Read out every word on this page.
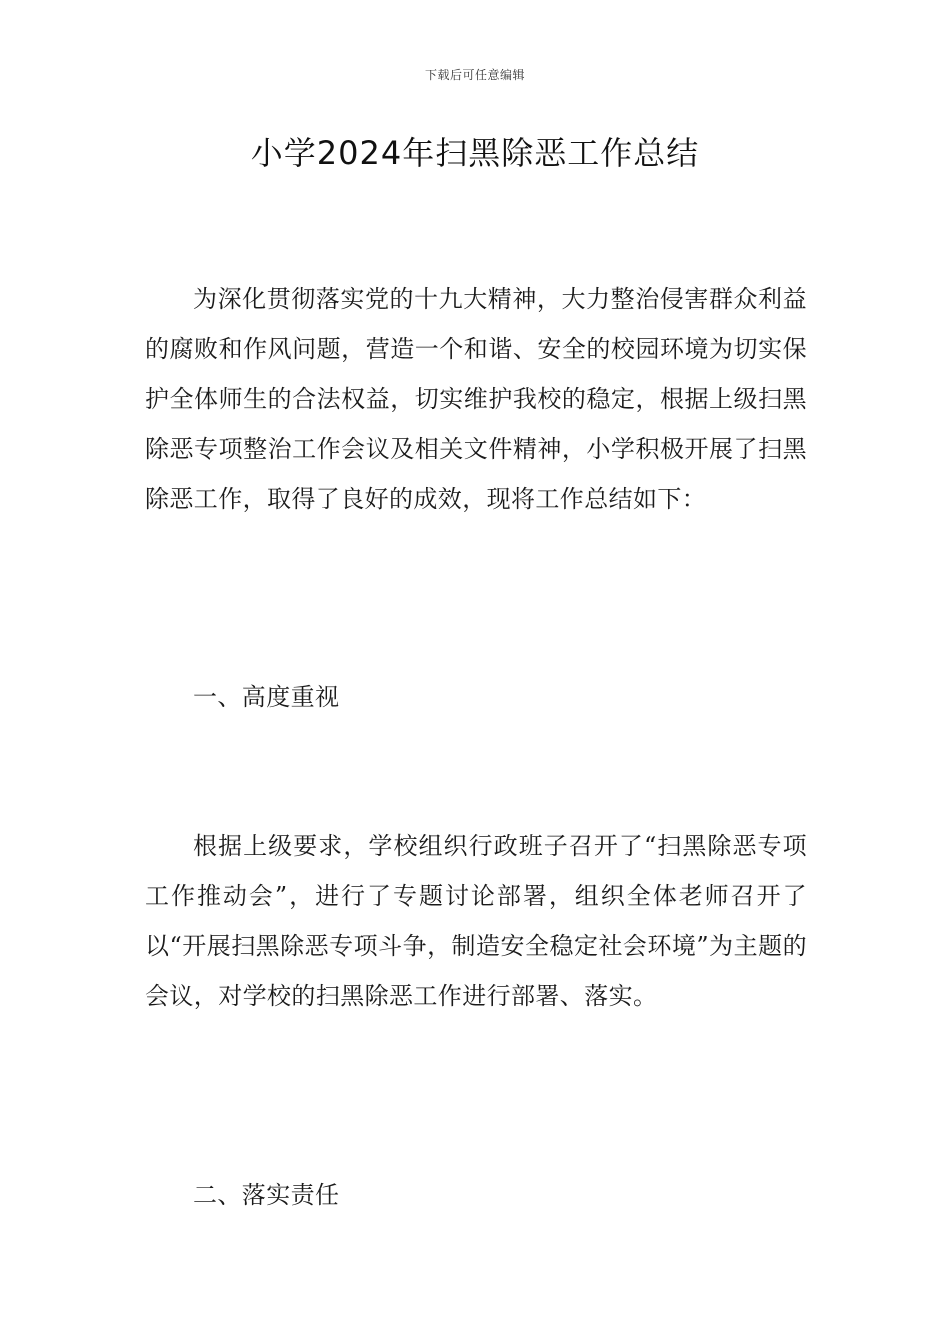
下载后可任意编辑
小学2024年扫黑除恶工作总结

为深化贯彻落实党的十九大精神，大力整治侵害群众利益的腐败和作风问题，营造一个和谐、安全的校园环境为切实保护全体师生的合法权益，切实维护我校的稳定，根据上级扫黑除恶专项整治工作会议及相关文件精神，小学积极开展了扫黑除恶工作，取得了良好的成效，现将工作总结如下：

一、高度重视

根据上级要求，学校组织行政班子召开了“扫黑除恶专项工作推动会”，进行了专题讨论部署，组织全体老师召开了以“开展扫黑除恶专项斗争，制造安全稳定社会环境”为主题的会议，对学校的扫黑除恶工作进行部署、落实。

二、落实责任
